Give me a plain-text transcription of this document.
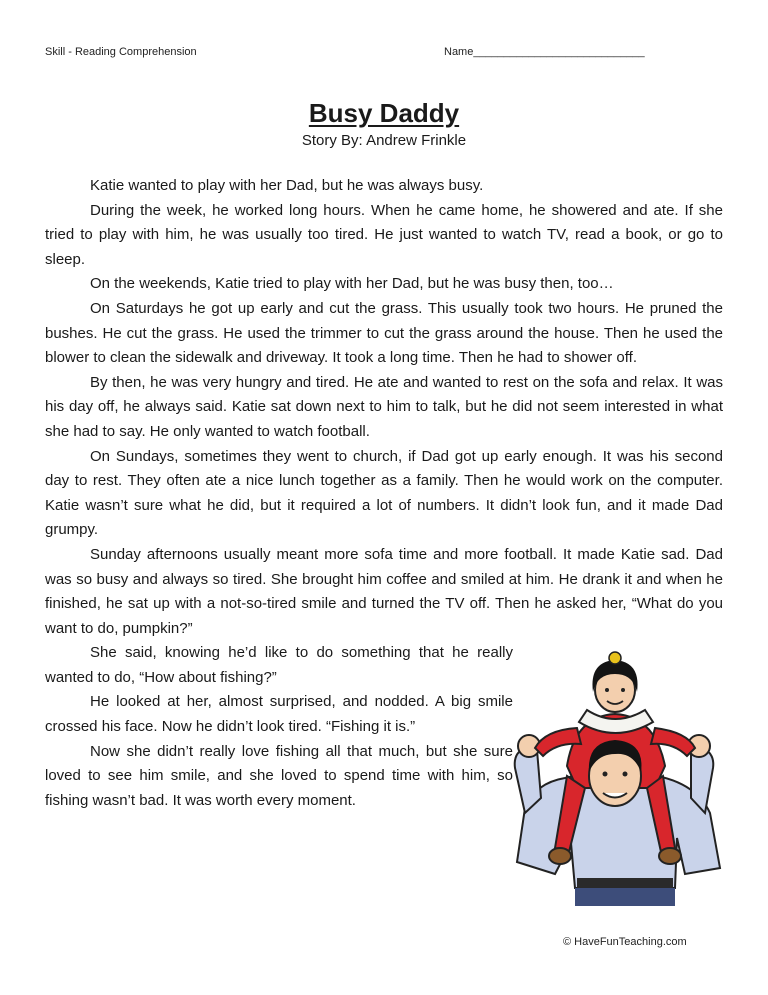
Skill - Reading Comprehension	Name____________________________
Busy Daddy
Story By: Andrew Frinkle

Katie wanted to play with her Dad, but he was always busy.

During the week, he worked long hours. When he came home, he showered and ate. If she tried to play with him, he was usually too tired. He just wanted to watch TV, read a book, or go to sleep.

On the weekends, Katie tried to play with her Dad, but he was busy then, too…

On Saturdays he got up early and cut the grass. This usually took two hours. He pruned the bushes. He cut the grass. He used the trimmer to cut the grass around the house. Then he used the blower to clean the sidewalk and driveway. It took a long time. Then he had to shower off.

By then, he was very hungry and tired. He ate and wanted to rest on the sofa and relax. It was his day off, he always said. Katie sat down next to him to talk, but he did not seem interested in what she had to say. He only wanted to watch football.

On Sundays, sometimes they went to church, if Dad got up early enough. It was his second day to rest. They often ate a nice lunch together as a family. Then he would work on the computer. Katie wasn’t sure what he did, but it required a lot of numbers. It didn’t look fun, and it made Dad grumpy.

Sunday afternoons usually meant more sofa time and more football. It made Katie sad. Dad was so busy and always so tired. She brought him coffee and smiled at him. He drank it and when he finished, he sat up with a not-so-tired smile and turned the TV off. Then he asked her, “What do you want to do, pumpkin?”

She said, knowing he’d like to do something that he really wanted to do, “How about fishing?”

He looked at her, almost surprised, and nodded. A big smile crossed his face. Now he didn’t look tired. “Fishing it is.”

Now she didn’t really love fishing all that much, but she sure loved to see him smile, and she loved to spend time with him, so fishing wasn’t bad. It was worth every moment.

© HaveFunTeaching.com
